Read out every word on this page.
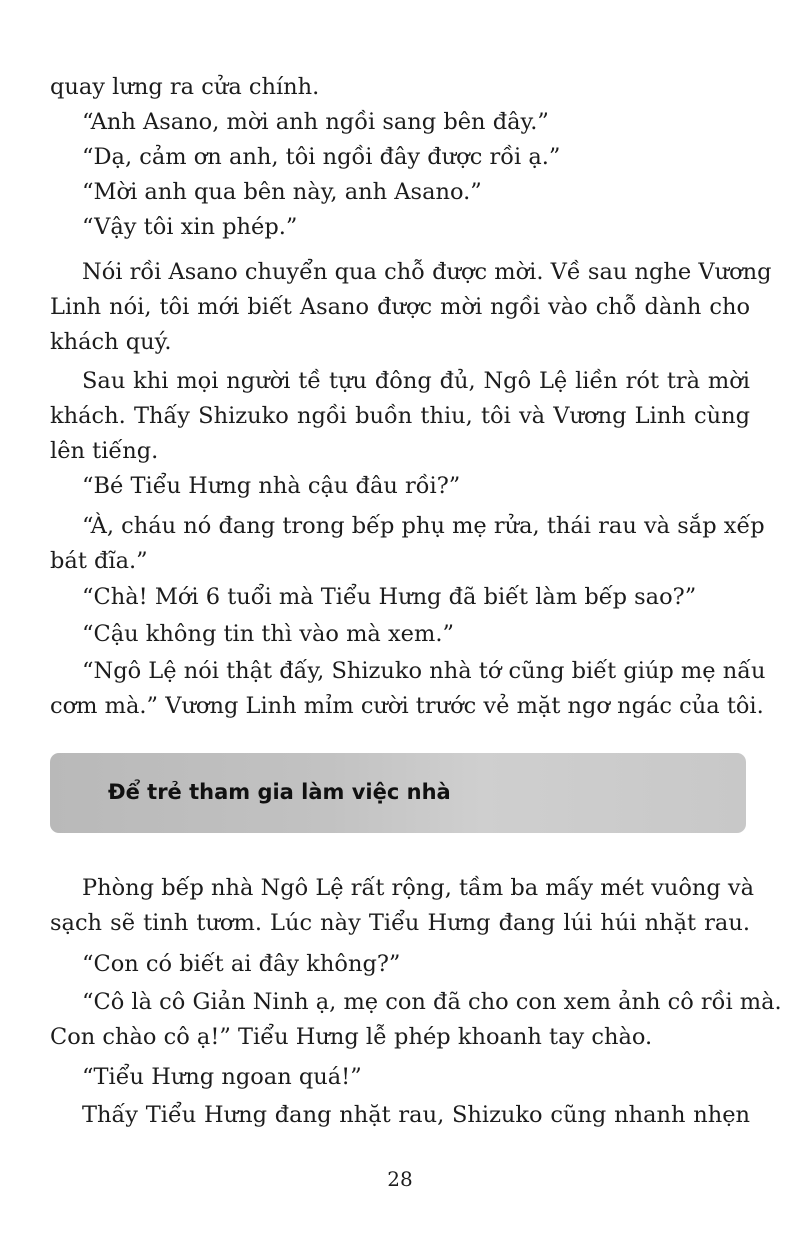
quay lưng ra cửa chính.

“Anh Asano, mời anh ngồi sang bên đây.”

“Dạ, cảm ơn anh, tôi ngồi đây được rồi ạ.”

“Mời anh qua bên này, anh Asano.”

“Vậy tôi xin phép.”

Nói rồi Asano chuyển qua chỗ được mời. Về sau nghe Vương
Linh nói, tôi mới biết Asano được mời ngồi vào chỗ dành cho
khách quý.

Sau khi mọi người tề tựu đông đủ, Ngô Lệ liền rót trà mời
khách. Thấy Shizuko ngồi buồn thiu, tôi và Vương Linh cùng
lên tiếng.

“Bé Tiểu Hưng nhà cậu đâu rồi?”

“À, cháu nó đang trong bếp phụ mẹ rửa, thái rau và sắp xếp
bát đĩa.”

“Chà! Mới 6 tuổi mà Tiểu Hưng đã biết làm bếp sao?”

“Cậu không tin thì vào mà xem.”

“Ngô Lệ nói thật đấy, Shizuko nhà tớ cũng biết giúp mẹ nấu
cơm mà.” Vương Linh mỉm cười trước vẻ mặt ngơ ngác của tôi.

Để trẻ tham gia làm việc nhà

Phòng bếp nhà Ngô Lệ rất rộng, tầm ba mấy mét vuông và
sạch sẽ tinh tươm. Lúc này Tiểu Hưng đang lúi húi nhặt rau.

“Con có biết ai đây không?”

“Cô là cô Giản Ninh ạ, mẹ con đã cho con xem ảnh cô rồi mà.
Con chào cô ạ!” Tiểu Hưng lễ phép khoanh tay chào.

“Tiểu Hưng ngoan quá!”

Thấy Tiểu Hưng đang nhặt rau, Shizuko cũng nhanh nhẹn

28
